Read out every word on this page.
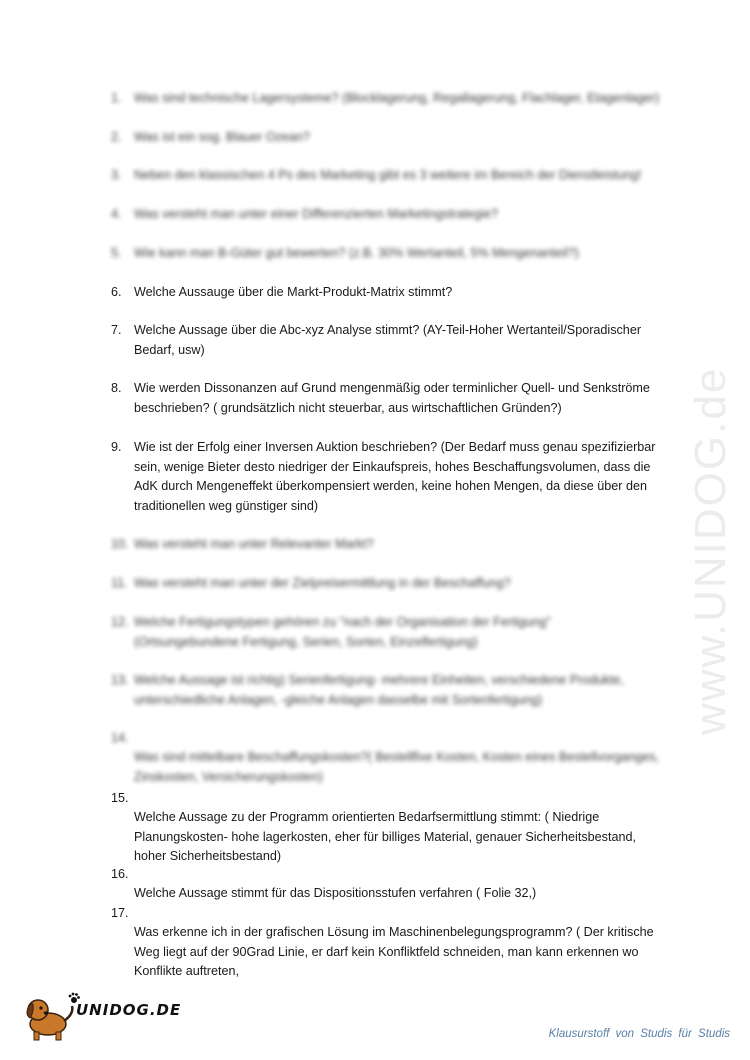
www.UNIDOG.de
1. Was sind technische Lagersysteme? (Blocklagerung, Regallagerung, Flachlager, Etagenlager)
2. Was ist ein sog. Blauer Ozean?
3. Neben den klassischen 4 Ps des Marketing gibt es 3 weitere im Bereich der Dienstleistung!
4. Was versteht man unter einer Differenzierten Marketingstrategie?
5. Wie kann man B-Güter gut bewerten? (z.B. 30% Wertanteil, 5% Mengenanteil?)
6. Welche Aussauge über die Markt-Produkt-Matrix stimmt?
7. Welche Aussage über die Abc-xyz Analyse stimmt? (AY-Teil-Hoher Wertanteil/Sporadischer
Bedarf, usw)
8. Wie werden Dissonanzen auf Grund mengenmäßig oder terminlicher Quell- und Senkströme
beschrieben? ( grundsätzlich nicht steuerbar, aus wirtschaftlichen Gründen?)
9. Wie ist der Erfolg einer Inversen Auktion beschrieben? (Der Bedarf muss genau spezifizierbar
sein, wenige Bieter desto niedriger der Einkaufspreis, hohes Beschaffungsvolumen, dass die
AdK durch Mengeneffekt überkompensiert werden, keine hohen Mengen, da diese über den
traditionellen weg günstiger sind)
10. Was versteht man unter Relevanter Markt?
11. Was versteht man unter der Zielpreisermittlung in der Beschaffung?
12. Welche Fertigungstypen gehören zu "nach der Organisation der Fertigung"
(Ortsungebundene Fertigung, Serien, Sorten, Einzelfertigung)
13. Welche Aussage ist richtig) Serienfertigung- mehrere Einheiten, verschiedene Produkte,
unterschiedliche Anlagen, -gleiche Anlagen dasselbe mit Sortenfertigung)
14.
Was sind mittelbare Beschaffungskosten?( Bestellfixe Kosten, Kosten eines Bestellvorganges,
Zinskosten, Versicherungskosten)
15.
Welche Aussage zu der Programm orientierten Bedarfsermittlung stimmt: ( Niedrige
Planungskosten- hohe lagerkosten, eher für billiges Material, genauer Sicherheitsbestand,
hoher Sicherheitsbestand)
16.
Welche Aussage stimmt für das Dispositionsstufen verfahren ( Folie 32,)
17.
Was erkenne ich in der grafischen Lösung im Maschinenbelegungsprogramm? ( Der kritische
Weg liegt auf der 90Grad Linie, er darf kein Konfliktfeld schneiden, man kann erkennen wo
Konflikte auftreten,
UNIDOG.DE
Klausurstoff von Studis für Studis
